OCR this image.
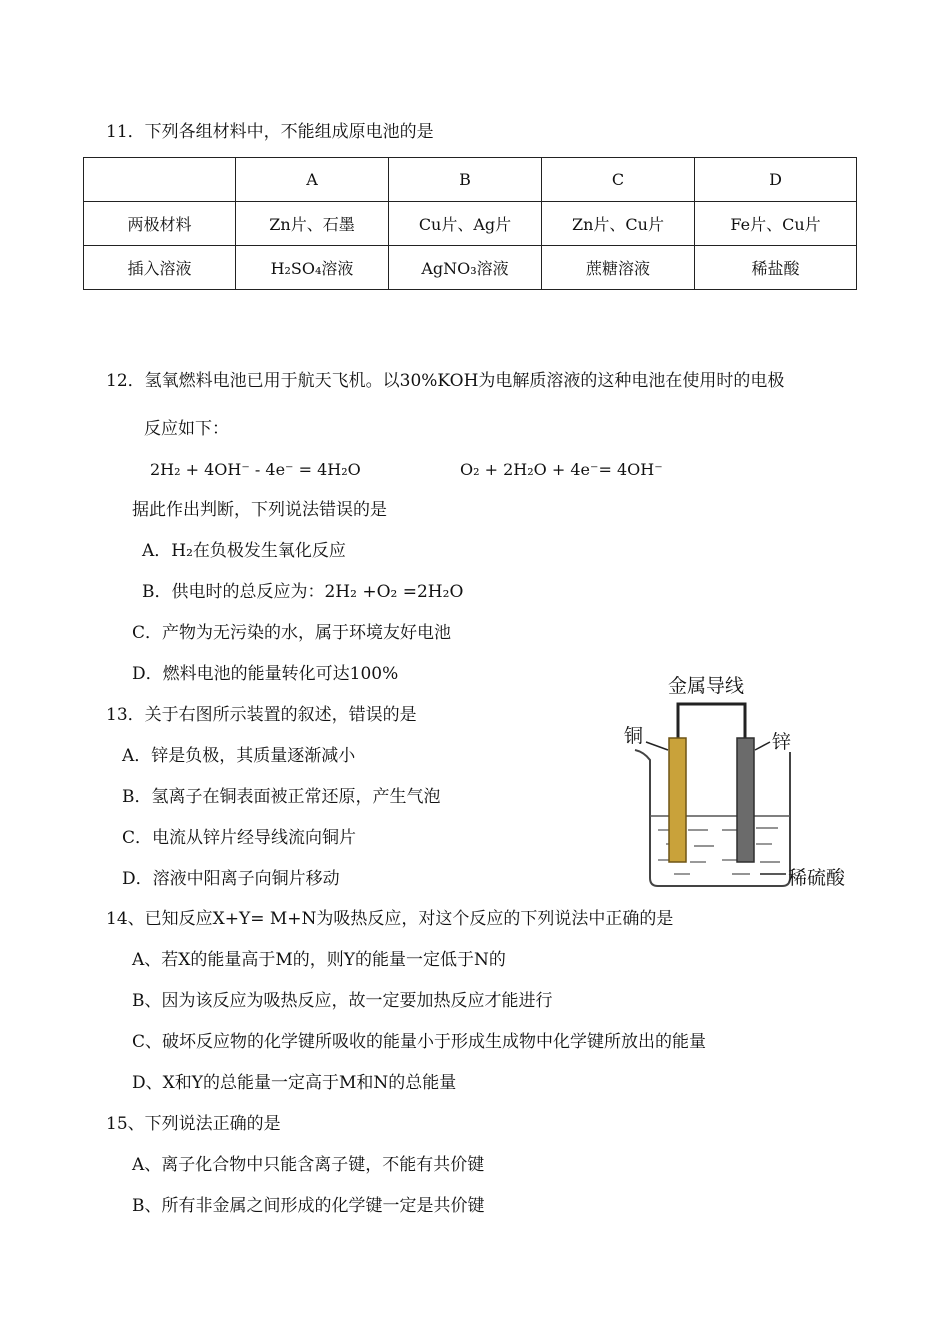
11．下列各组材料中，不能组成原电池的是
	A	B	C	D
两极材料	Zn片、石墨	Cu片、Ag片	Zn片、Cu片	Fe片、Cu片
插入溶液	H₂SO₄溶液	AgNO₃溶液	蔗糖溶液	稀盐酸
12．氢氧燃料电池已用于航天飞机。以30%KOH为电解质溶液的这种电池在使用时的电极
反应如下：
2H₂ + 4OH⁻ - 4e⁻ = 4H₂O	O₂ + 2H₂O + 4e⁻= 4OH⁻
据此作出判断，下列说法错误的是
A．H₂在负极发生氧化反应
B．供电时的总反应为：2H₂ +O₂ =2H₂O
C．产物为无污染的水，属于环境友好电池
D．燃料电池的能量转化可达100%
13．关于右图所示装置的叙述，错误的是
A．锌是负极，其质量逐渐减小
B．氢离子在铜表面被正常还原，产生气泡
C．电流从锌片经导线流向铜片
D．溶液中阳离子向铜片移动
金属导线
铜	锌
稀硫酸
14、已知反应X+Y= M+N为吸热反应，对这个反应的下列说法中正确的是
A、若X的能量高于M的，则Y的能量一定低于N的
B、因为该反应为吸热反应，故一定要加热反应才能进行
C、破坏反应物的化学键所吸收的能量小于形成生成物中化学键所放出的能量
D、X和Y的总能量一定高于M和N的总能量
15、下列说法正确的是
A、离子化合物中只能含离子键，不能有共价键
B、所有非金属之间形成的化学键一定是共价键
